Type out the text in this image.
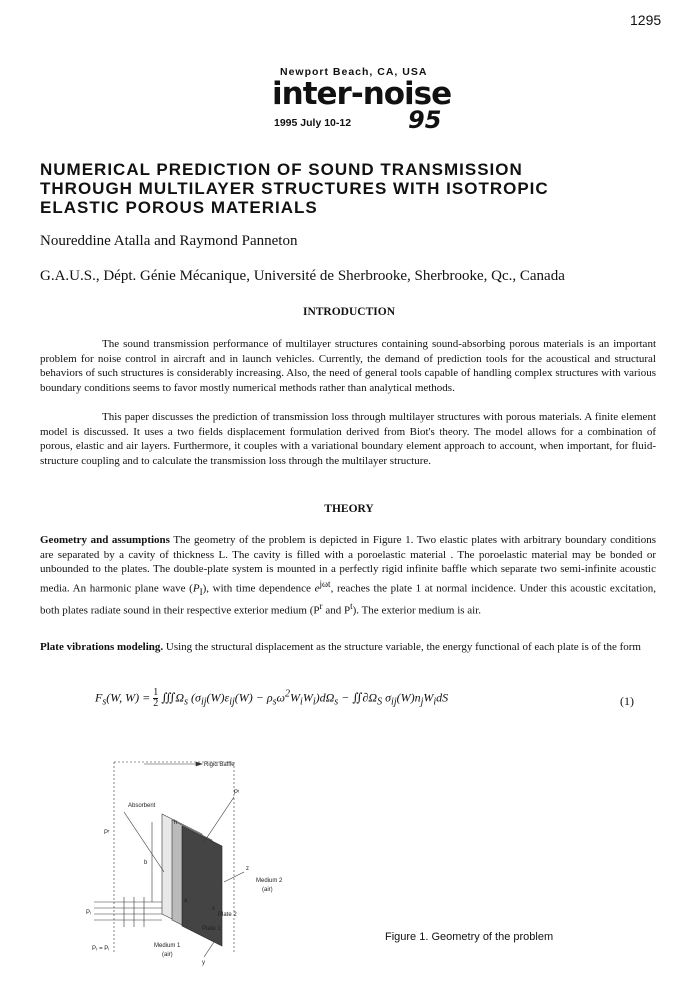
1295
Newport Beach, CA, USA
inter-noise
1995 July 10-12 95
NUMERICAL PREDICTION OF SOUND TRANSMISSION
THROUGH MULTILAYER STRUCTURES WITH ISOTROPIC
ELASTIC POROUS MATERIALS
Noureddine Atalla and Raymond Panneton
G.A.U.S., Dépt. Génie Mécanique, Université de Sherbrooke, Sherbrooke, Qc., Canada
INTRODUCTION
The sound transmission performance of multilayer structures containing sound-absorbing porous materials is an important problem for noise control in aircraft and in launch vehicles. Currently, the demand of prediction tools for the acoustical and structural behaviors of such structures is considerably increasing. Also, the need of general tools capable of handling complex structures with various boundary conditions seems to favor mostly numerical methods rather than analytical methods.
This paper discusses the prediction of transmission loss through multilayer structures with porous materials. A finite element model is discussed. It uses a two fields displacement formulation derived from Biot's theory. The model allows for a combination of porous, elastic and air layers. Furthermore, it couples with a variational boundary element approach to account, when important, for fluid-structure coupling and to calculate the transmission loss through the multilayer structure.
THEORY
Geometry and assumptions The geometry of the problem is depicted in Figure 1. Two elastic plates with arbitrary boundary conditions are separated by a cavity of thickness L. The cavity is filled with a poroelastic material . The poroelastic material may be bonded or unbounded to the plates. The double-plate system is mounted in a perfectly rigid infinite baffle which separate two semi-infinite acoustic media. An harmonic plane wave $(P_I)$, with time dependence $e^{j\omega t}$, reaches the plate 1 at normal incidence. Under this acoustic excitation, both plates radiate sound in their respective exterior medium ($P^r$ and $P^t$). The exterior medium is air.
Plate vibrations modeling. Using the structural displacement as the structure variable, the energy functional of each plate is of the form
$F_s(W$, $W) = \frac{1}{2}$ $∭\Omega_s$ $(\sigma_{ij}(W)\varepsilon_{ij}(W) - \rho_s\omega^2W_iW_i)d\Omega_s$ − $∬\partial\Omega_S$ $\sigma_{ij}(W)n_jW_idS$	(1)
Rigid Baffle
Absorbent
Pᵗ
Pʳ
Pᵢ
Pᵣ = Pᵢ	Medium 1
(air)
Medium 2
(air)
Plate 2
Plate 1
b
h
a
z
x
y
Figure 1. Geometry of the problem
